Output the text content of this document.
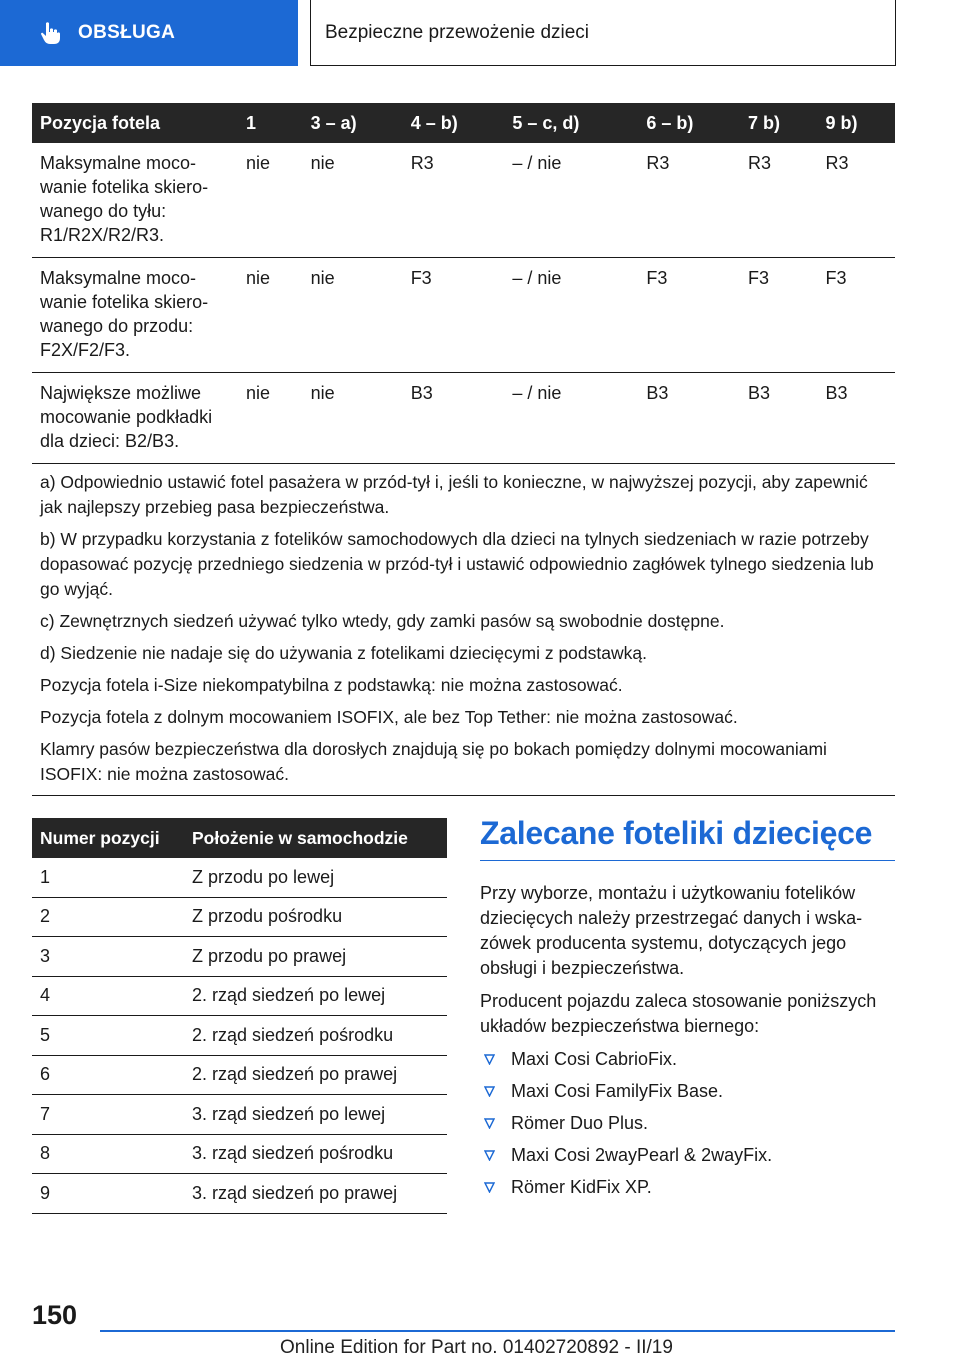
OBSŁUGA	Bezpieczne przewożenie dzieci
Pozycja fotela	1	3 – a)	4 – b)	5 – c, d)	6 – b)	7 b)	9 b)
Maksymalne mocowanie fotelika skierowanego do tyłu: R1/R2X/R2/R3.	nie	nie	R3	– / nie	R3	R3	R3
Maksymalne mocowanie fotelika skierowanego do przodu: F2X/F2/F3.	nie	nie	F3	– / nie	F3	F3	F3
Największe możliwe mocowanie podkładki dla dzieci: B2/B3.	nie	nie	B3	– / nie	B3	B3	B3

a) Odpowiednio ustawić fotel pasażera w przód-tył i, jeśli to konieczne, w najwyższej pozycji, aby zapewnić jak najlepszy przebieg pasa bezpieczeństwa.

b) W przypadku korzystania z fotelików samochodowych dla dzieci na tylnych siedzeniach w razie potrzeby dopasować pozycję przedniego siedzenia w przód-tył i ustawić odpowiednio zagłówek tylnego siedzenia lub go wyjąć.

c) Zewnętrznych siedzeń używać tylko wtedy, gdy zamki pasów są swobodnie dostępne.

d) Siedzenie nie nadaje się do używania z fotelikami dziecięcymi z podstawką.

Pozycja fotela i-Size niekompatybilna z podstawką: nie można zastosować.

Pozycja fotela z dolnym mocowaniem ISOFIX, ale bez Top Tether: nie można zastosować.

Klamry pasów bezpieczeństwa dla dorosłych znajdują się po bokach pomiędzy dolnymi mocowaniami ISOFIX: nie można zastosować.

Numer pozycji	Położenie w samochodzie
1	Z przodu po lewej
2	Z przodu pośrodku
3	Z przodu po prawej
4	2. rząd siedzeń po lewej
5	2. rząd siedzeń pośrodku
6	2. rząd siedzeń po prawej
7	3. rząd siedzeń po lewej
8	3. rząd siedzeń pośrodku
9	3. rząd siedzeń po prawej
Zalecane foteliki dziecięce

Przy wyborze, montażu i użytkowaniu fotelików dziecięcych należy przestrzegać danych i wskazówek producenta systemu, dotyczących jego obsługi i bezpieczeństwa.

Producent pojazdu zaleca stosowanie poniższych układów bezpieczeństwa biernego:

Maxi Cosi CabrioFix.
Maxi Cosi FamilyFix Base.
Römer Duo Plus.
Maxi Cosi 2wayPearl & 2wayFix.
Römer KidFix XP.
150
Online Edition for Part no. 01402720892 - II/19
